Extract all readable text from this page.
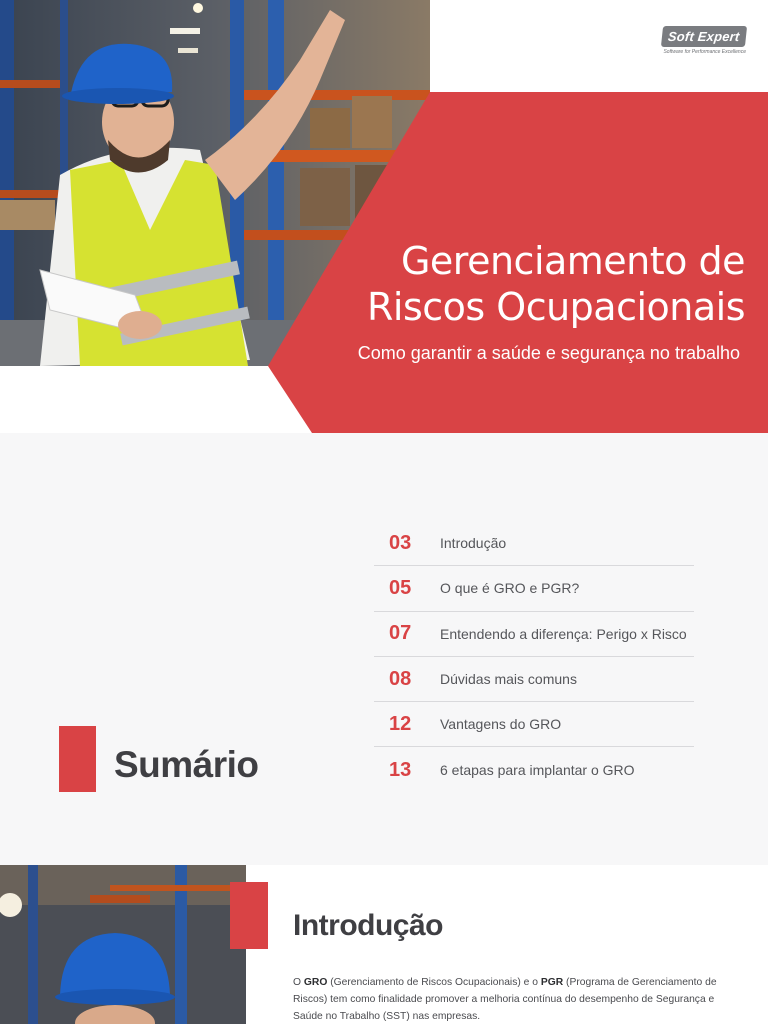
Soft Expert
Software for Performance Excellence
Gerenciamento de
Riscos Ocupacionais

Como garantir a saúde e segurança no trabalho

03	Introdução
05	O que é GRO e PGR?
07	Entendendo a diferença: Perigo x Risco
08	Dúvidas mais comuns
12	Vantagens do GRO
13	6 etapas para implantar o GRO
Sumário
Introdução

O GRO (Gerenciamento de Riscos Ocupacionais) e o PGR (Programa de Gerenciamento de Riscos) tem como finalidade promover a melhoria contínua do desempenho de Segurança e Saúde no Trabalho (SST) nas empresas.
